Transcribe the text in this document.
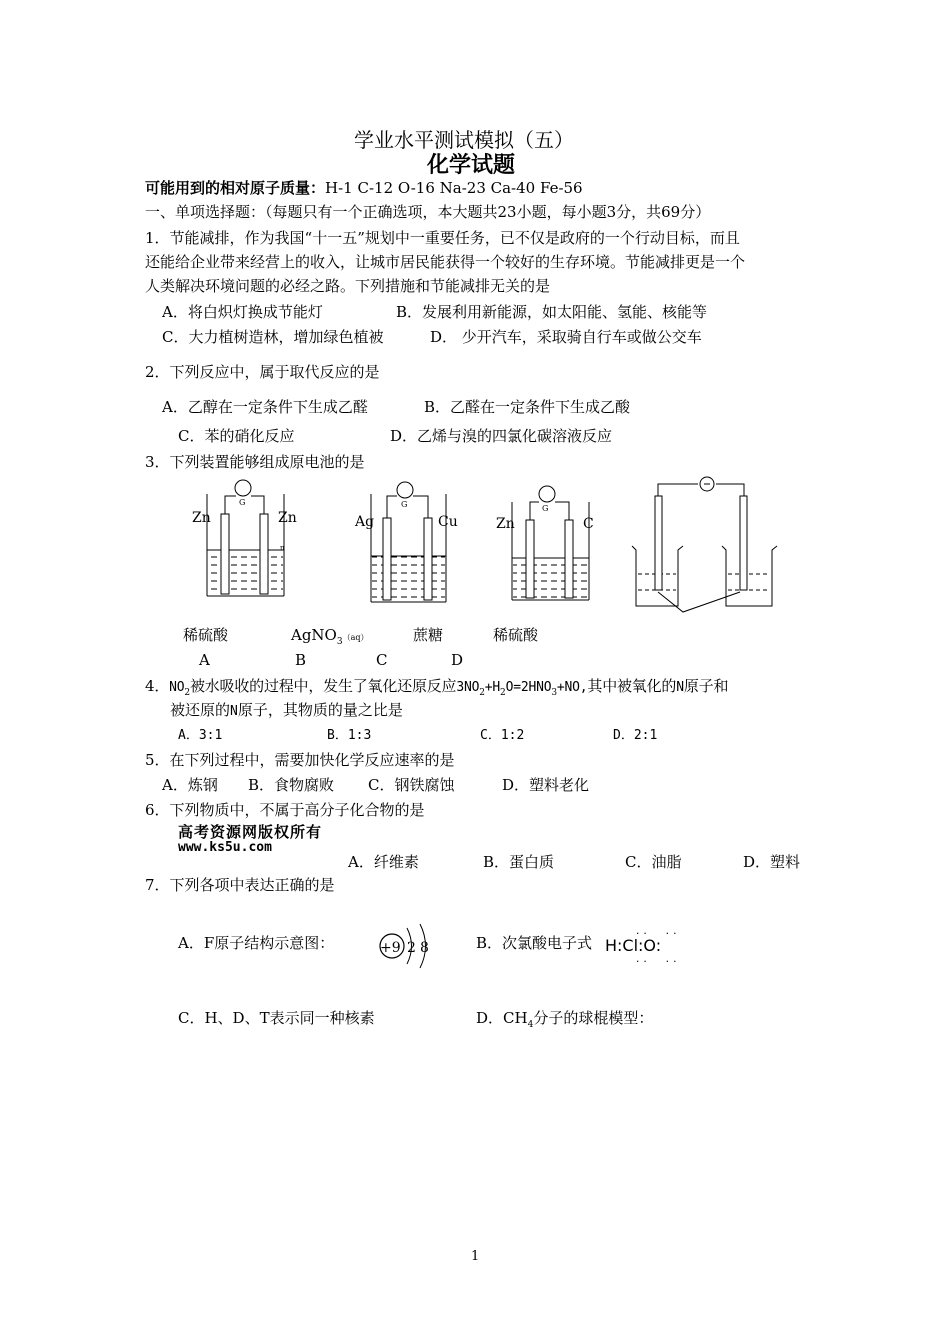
学业水平测试模拟（五）
化学试题
可能用到的相对原子质量：H-1 C-12 O-16 Na-23 Ca-40 Fe-56
一、单项选择题：（每题只有一个正确选项，本大题共23小题，每小题3分，共69分）
1．节能减排，作为我国“十一五”规划中一重要任务，已不仅是政府的一个行动目标，而且
还能给企业带来经营上的收入，让城市居民能获得一个较好的生存环境。节能减排更是一个
人类解决环境问题的必经之路。下列措施和节能减排无关的是
A．将白炽灯换成节能灯	B．发展利用新能源，如太阳能、氢能、核能等
C．大力植树造林，增加绿色植被	D． 少开汽车，采取骑自行车或做公交车
2．下列反应中，属于取代反应的是
A．乙醇在一定条件下生成乙醛	B．乙醛在一定条件下生成乙酸
C．苯的硝化反应	D．乙烯与溴的四氯化碳溶液反应
3．下列装置能够组成原电池的是
G
Zn	Zn
n
G
Ag	Cu
G
Zn	C
稀硫酸	AgNO$_3$（aq）	蔗糖	稀硫酸
A	B	C	D
4．$NO_2$被水吸收的过程中，发生了氧化还原反应$3NO_2+H_2O=2HNO_3+NO$,其中被氧化的N原子和
被还原的N原子，其物质的量之比是
A．3:1	B．1:3	C．1:2	D．2:1
5．在下列过程中，需要加快化学反应速率的是
A．炼钢 B．食物腐败 C．钢铁腐蚀	D．塑料老化
6．下列物质中，不属于高分子化合物的是
高考资源网版权所有
www.ks5u.com
A．纤维素	B．蛋白质	C．油脂	D．塑料
7．下列各项中表达正确的是
A．F原子结构示意图：	+9 2 8	B．次氯酸电子式
..  ..
H:Cl:O:
..  ..
C．H、D、T表示同一种核素	D．$CH_4$分子的球棍模型：
1
